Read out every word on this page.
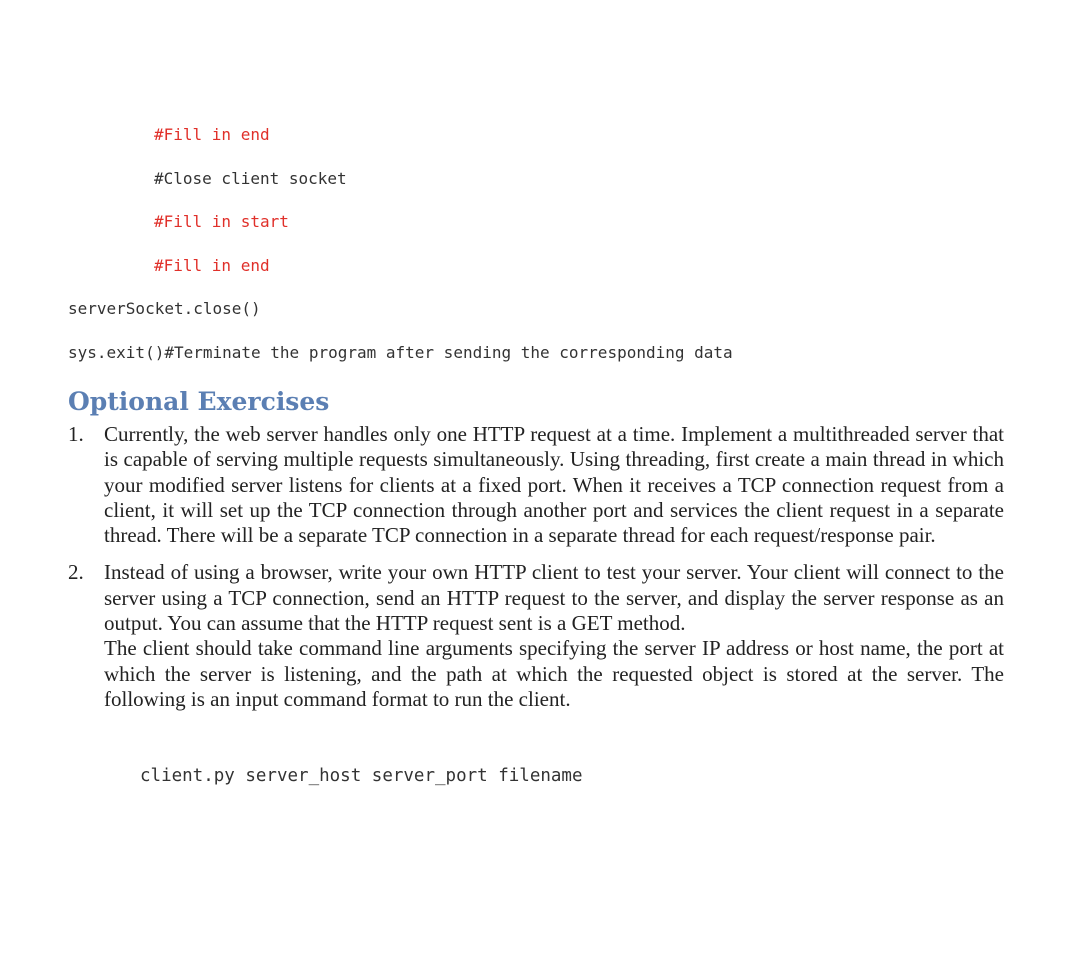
#Fill in end
#Close client socket
#Fill in start
#Fill in end
serverSocket.close()
sys.exit()#Terminate the program after sending the corresponding data
Optional Exercises
1. Currently, the web server handles only one HTTP request at a time. Implement a multithreaded server that is capable of serving multiple requests simultaneously. Using threading, first create a main thread in which your modified server listens for clients at a fixed port. When it receives a TCP connection request from a client, it will set up the TCP connection through another port and services the client request in a separate thread. There will be a separate TCP connection in a separate thread for each request/response pair.
2. Instead of using a browser, write your own HTTP client to test your server. Your client will connect to the server using a TCP connection, send an HTTP request to the server, and display the server response as an output. You can assume that the HTTP request sent is a GET method.
The client should take command line arguments specifying the server IP address or host name, the port at which the server is listening, and the path at which the requested object is stored at the server. The following is an input command format to run the client.
client.py server_host server_port filename
